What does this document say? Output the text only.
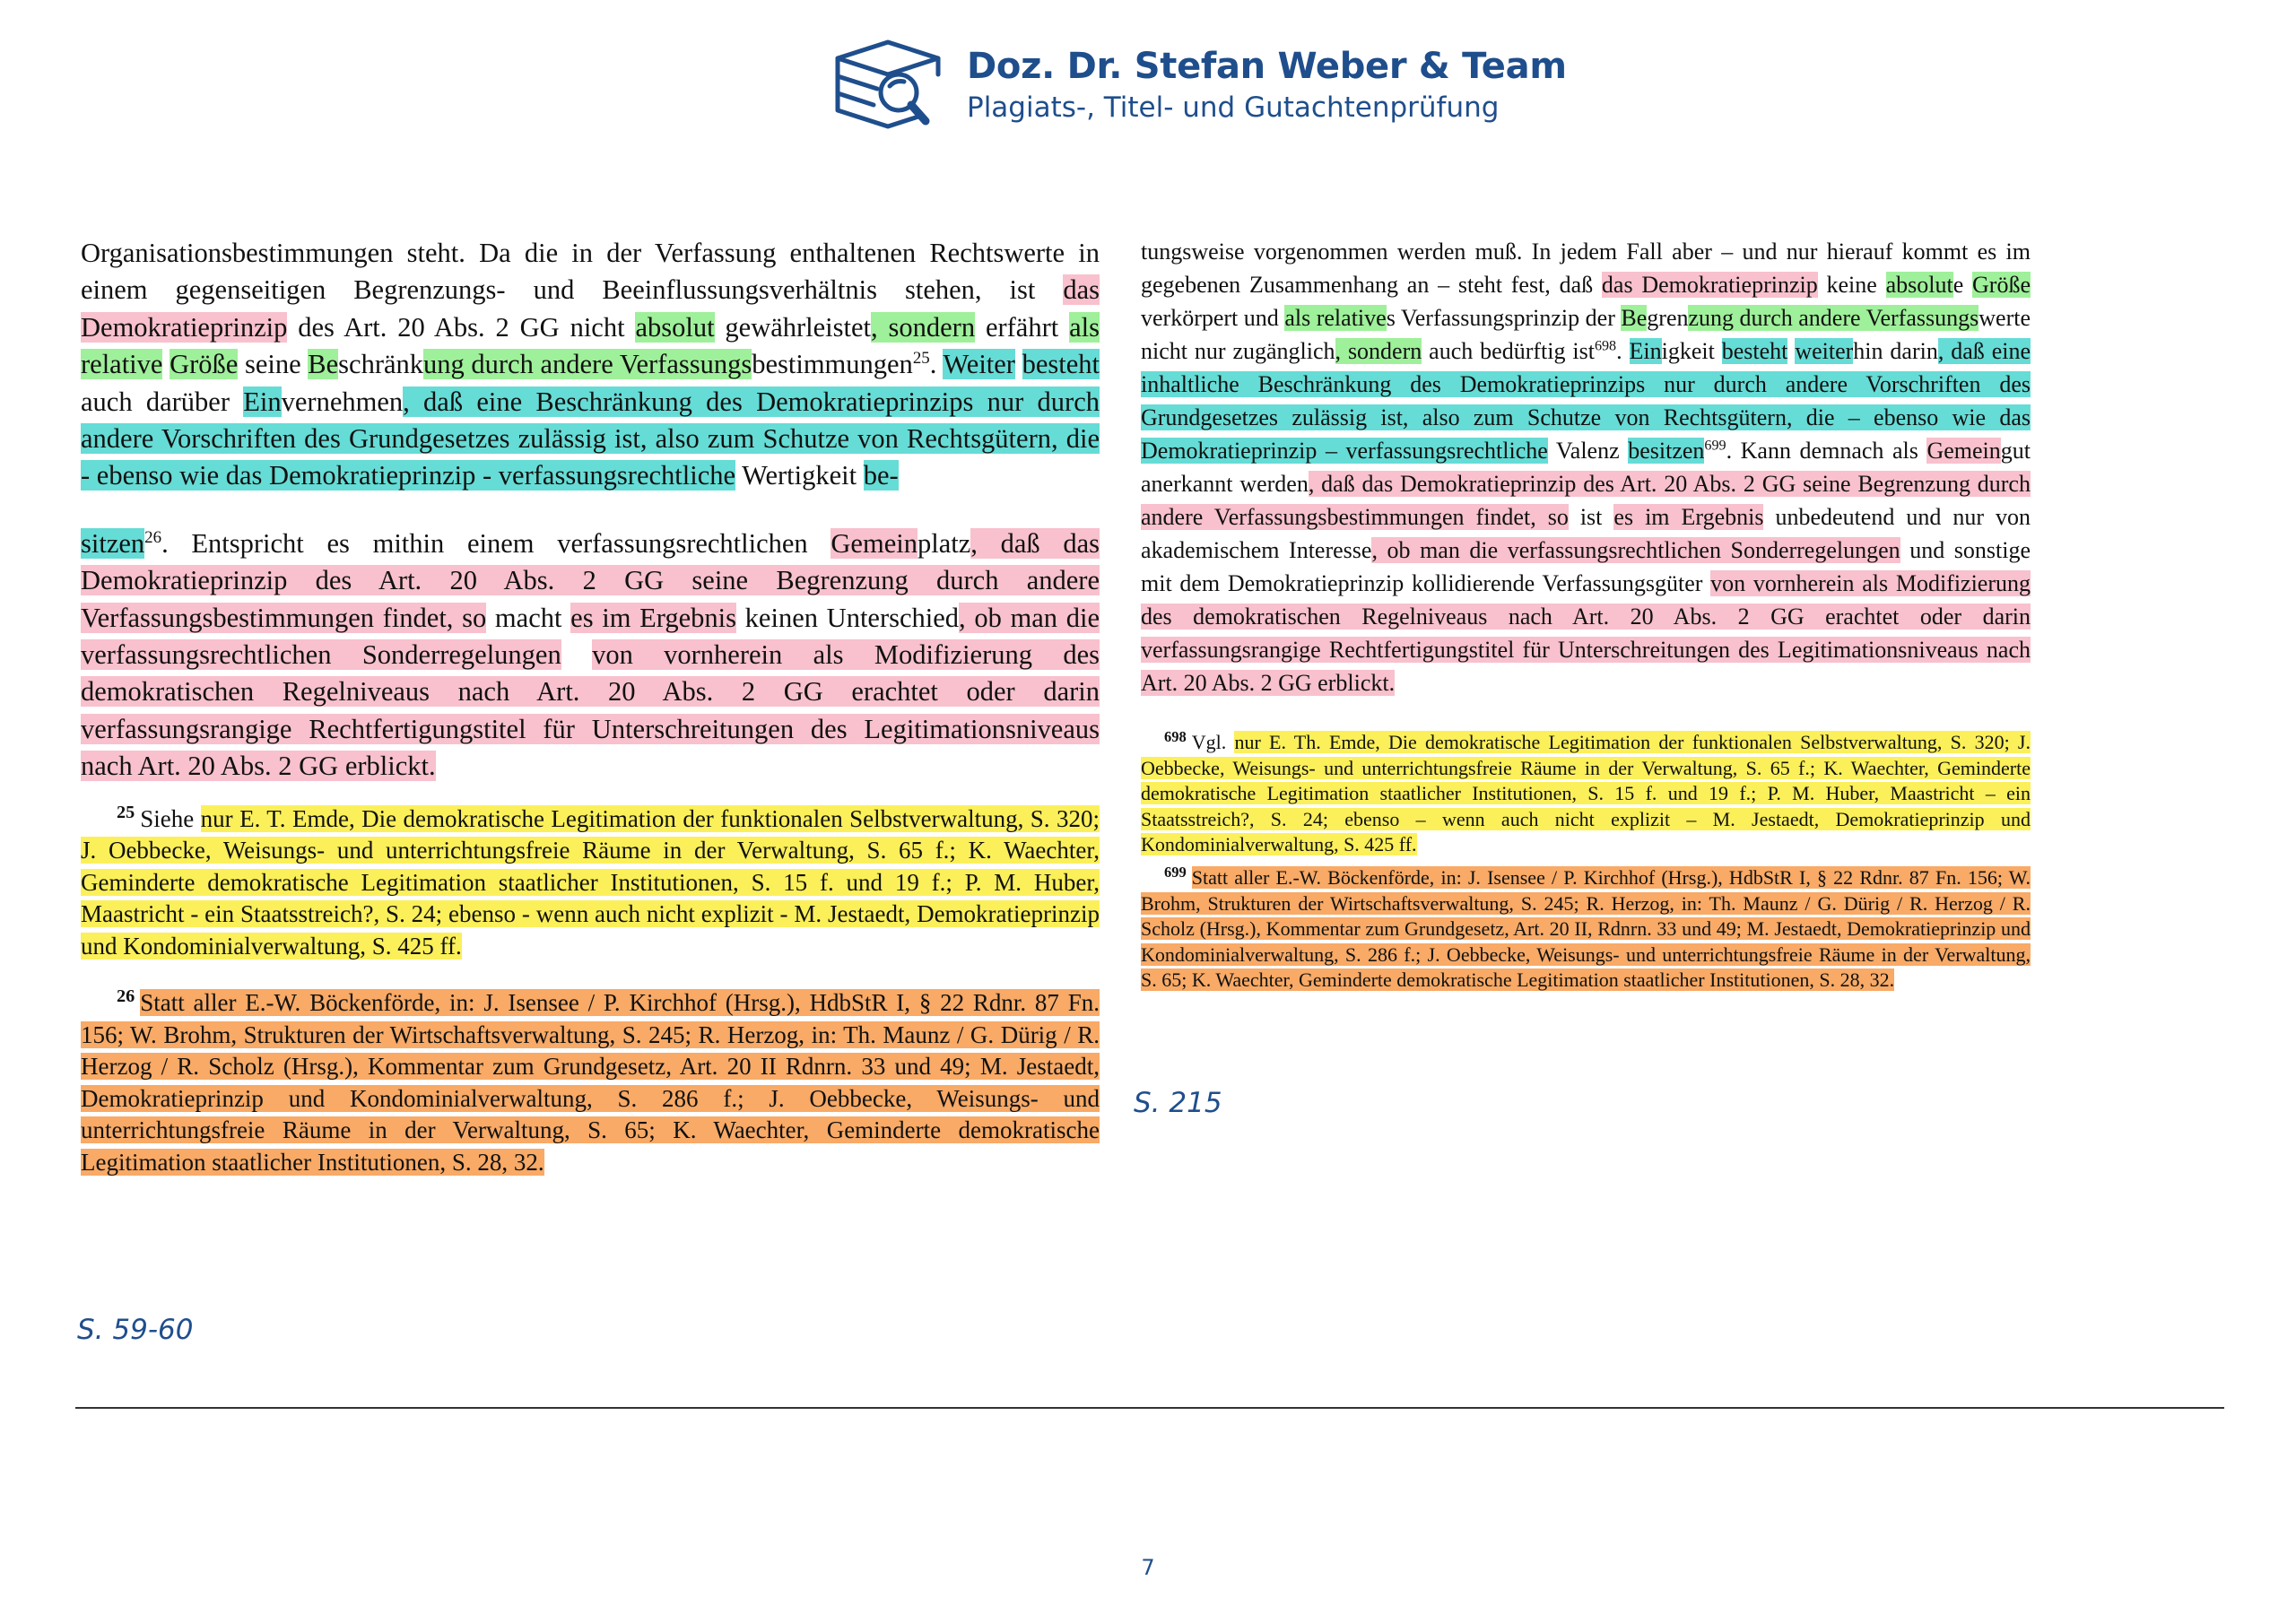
Doz. Dr. Stefan Weber & Team
Plagiats-, Titel- und Gutachtenprüfung

Organisationsbestimmungen steht. Da die in der Verfassung enthaltenen Rechtswerte in einem gegenseitigen Begrenzungs- und Beeinflussungsverhältnis stehen, ist das Demokratieprinzip des Art. 20 Abs. 2 GG nicht absolut gewährleistet, sondern erfährt als relative Größe seine Beschränkung durch andere Verfassungsbestimmungen$^{25}$. Weiter besteht auch darüber Einvernehmen, daß eine Beschränkung des Demokratieprinzips nur durch andere Vorschriften des Grundgesetzes zulässig ist, also zum Schutze von Rechtsgütern, die - ebenso wie das Demokratieprinzip - verfassungsrechtliche Wertigkeit be-

sitzen$^{26}$. Entspricht es mithin einem verfassungsrechtlichen Gemeinplatz, daß das Demokratieprinzip des Art. 20 Abs. 2 GG seine Begrenzung durch andere Verfassungsbestimmungen findet, so macht es im Ergebnis keinen Unterschied, ob man die verfassungsrechtlichen Sonderregelungen von vornherein als Modifizierung des demokratischen Regelniveaus nach Art. 20 Abs. 2 GG erachtet oder darin verfassungsrangige Rechtfertigungstitel für Unterschreitungen des Legitimationsniveaus nach Art. 20 Abs. 2 GG erblickt.

$^{25}$ Siehe nur E. T. Emde, Die demokratische Legitimation der funktionalen Selbstverwaltung, S. 320; J. Oebbecke, Weisungs- und unterrichtungsfreie Räume in der Verwaltung, S. 65 f.; K. Waechter, Geminderte demokratische Legitimation staatlicher Institutionen, S. 15 f. und 19 f.; P. M. Huber, Maastricht - ein Staatsstreich?, S. 24; ebenso - wenn auch nicht explizit - M. Jestaedt, Demokratieprinzip und Kondominialverwaltung, S. 425 ff.

$^{26}$ Statt aller E.-W. Böckenförde, in: J. Isensee / P. Kirchhof (Hrsg.), HdbStR I, § 22 Rdnr. 87 Fn. 156; W. Brohm, Strukturen der Wirtschaftsverwaltung, S. 245; R. Herzog, in: Th. Maunz / G. Dürig / R. Herzog / R. Scholz (Hrsg.), Kommentar zum Grundgesetz, Art. 20 II Rdnrn. 33 und 49; M. Jestaedt, Demokratieprinzip und Kondominialverwaltung, S. 286 f.; J. Oebbecke, Weisungs- und unterrichtungsfreie Räume in der Verwaltung, S. 65; K. Waechter, Geminderte demokratische Legitimation staatlicher Institutionen, S. 28, 32.

S. 59-60

tungsweise vorgenommen werden muß. In jedem Fall aber – und nur hierauf kommt es im gegebenen Zusammenhang an – steht fest, daß das Demokratieprinzip keine absolute Größe verkörpert und als relatives Verfassungsprinzip der Begrenzung durch andere Verfassungswerte nicht nur zugänglich, sondern auch bedürftig ist$^{698}$. Einigkeit besteht weiterhin darin, daß eine inhaltliche Beschränkung des Demokratieprinzips nur durch andere Vorschriften des Grundgesetzes zulässig ist, also zum Schutze von Rechtsgütern, die – ebenso wie das Demokratieprinzip – verfassungsrechtliche Valenz besitzen$^{699}$. Kann demnach als Gemeingut anerkannt werden, daß das Demokratieprinzip des Art. 20 Abs. 2 GG seine Begrenzung durch andere Verfassungsbestimmungen findet, so ist es im Ergebnis unbedeutend und nur von akademischem Interesse, ob man die verfassungsrechtlichen Sonderregelungen und sonstige mit dem Demokratieprinzip kollidierende Verfassungsgüter von vornherein als Modifizierung des demokratischen Regelniveaus nach Art. 20 Abs. 2 GG erachtet oder darin verfassungsrangige Rechtfertigungstitel für Unterschreitungen des Legitimationsniveaus nach Art. 20 Abs. 2 GG erblickt.

$^{698}$ Vgl. nur E. Th. Emde, Die demokratische Legitimation der funktionalen Selbstverwaltung, S. 320; J. Oebbecke, Weisungs- und unterrichtungsfreie Räume in der Verwaltung, S. 65 f.; K. Waechter, Geminderte demokratische Legitimation staatlicher Institutionen, S. 15 f. und 19 f.; P. M. Huber, Maastricht – ein Staatsstreich?, S. 24; ebenso – wenn auch nicht explizit – M. Jestaedt, Demokratieprinzip und Kondominialverwaltung, S. 425 ff.

$^{699}$ Statt aller E.-W. Böckenförde, in: J. Isensee / P. Kirchhof (Hrsg.), HdbStR I, § 22 Rdnr. 87 Fn. 156; W. Brohm, Strukturen der Wirtschaftsverwaltung, S. 245; R. Herzog, in: Th. Maunz / G. Dürig / R. Herzog / R. Scholz (Hrsg.), Kommentar zum Grundgesetz, Art. 20 II, Rdnrn. 33 und 49; M. Jestaedt, Demokratieprinzip und Kondominialverwaltung, S. 286 f.; J. Oebbecke, Weisungs- und unterrichtungsfreie Räume in der Verwaltung, S. 65; K. Waechter, Geminderte demokratische Legitimation staatlicher Institutionen, S. 28, 32.

S. 215
7
